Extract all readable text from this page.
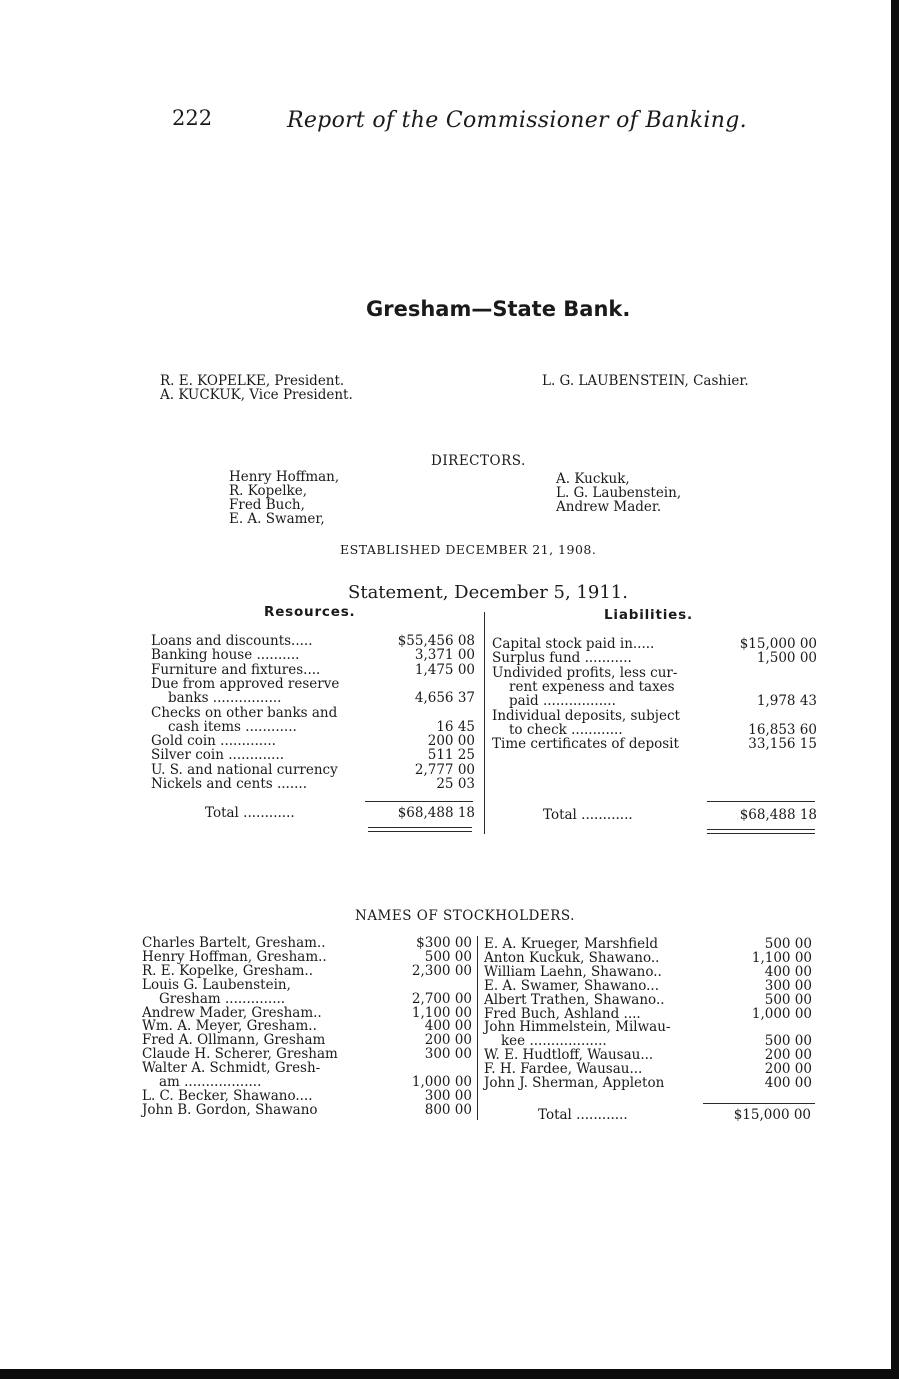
222	Report of the Commissioner of Banking.
Gresham—State Bank.
R. E. KOPELKE, President.
A. KUCKUK, Vice President.
L. G. LAUBENSTEIN, Cashier.
DIRECTORS.
Henry Hoffman,
R. Kopelke,
Fred Buch,
E. A. Swamer,
A. Kuckuk,
L. G. Laubenstein,
Andrew Mader.
ESTABLISHED DECEMBER 21, 1908.
Statement, December 5, 1911.
Resources.	Liabilities.
Loans and discounts.....	$55,456 08
Banking house ..........	3,371 00
Furniture and fixtures....	1,475 00
Due from approved reserve
banks ................	4,656 37
Checks on other banks and
cash items ............	16 45
Gold coin .............	200 00
Silver coin .............	511 25
U. S. and national currency	2,777 00
Nickels and cents .......	25 03
Capital stock paid in.....	$15,000 00
Surplus fund ...........	1,500 00
Undivided profits, less cur-
rent expeness and taxes
paid .................	1,978 43
Individual deposits, subject
to check ............	16,853 60
Time certificates of deposit	33,156 15
Total ............	$68,488 18	Total ............	$68,488 18
NAMES OF STOCKHOLDERS.
Charles Bartelt, Gresham..	$300 00
Henry Hoffman, Gresham..	500 00
R. E. Kopelke, Gresham..	2,300 00
Louis G. Laubenstein,
Gresham ..............	2,700 00
Andrew Mader, Gresham..	1,100 00
Wm. A. Meyer, Gresham..	400 00
Fred A. Ollmann, Gresham	200 00
Claude H. Scherer, Gresham	300 00
Walter A. Schmidt, Gresh-
am ..................	1,000 00
L. C. Becker, Shawano....	300 00
John B. Gordon, Shawano	800 00
E. A. Krueger, Marshfield	500 00
Anton Kuckuk, Shawano..	1,100 00
William Laehn, Shawano..	400 00
E. A. Swamer, Shawano...	300 00
Albert Trathen, Shawano..	500 00
Fred Buch, Ashland ....	1,000 00
John Himmelstein, Milwau-
kee ..................	500 00
W. E. Hudtloff, Wausau...	200 00
F. H. Fardee, Wausau...	200 00
John J. Sherman, Appleton	400 00
Total ............	$15,000 00
